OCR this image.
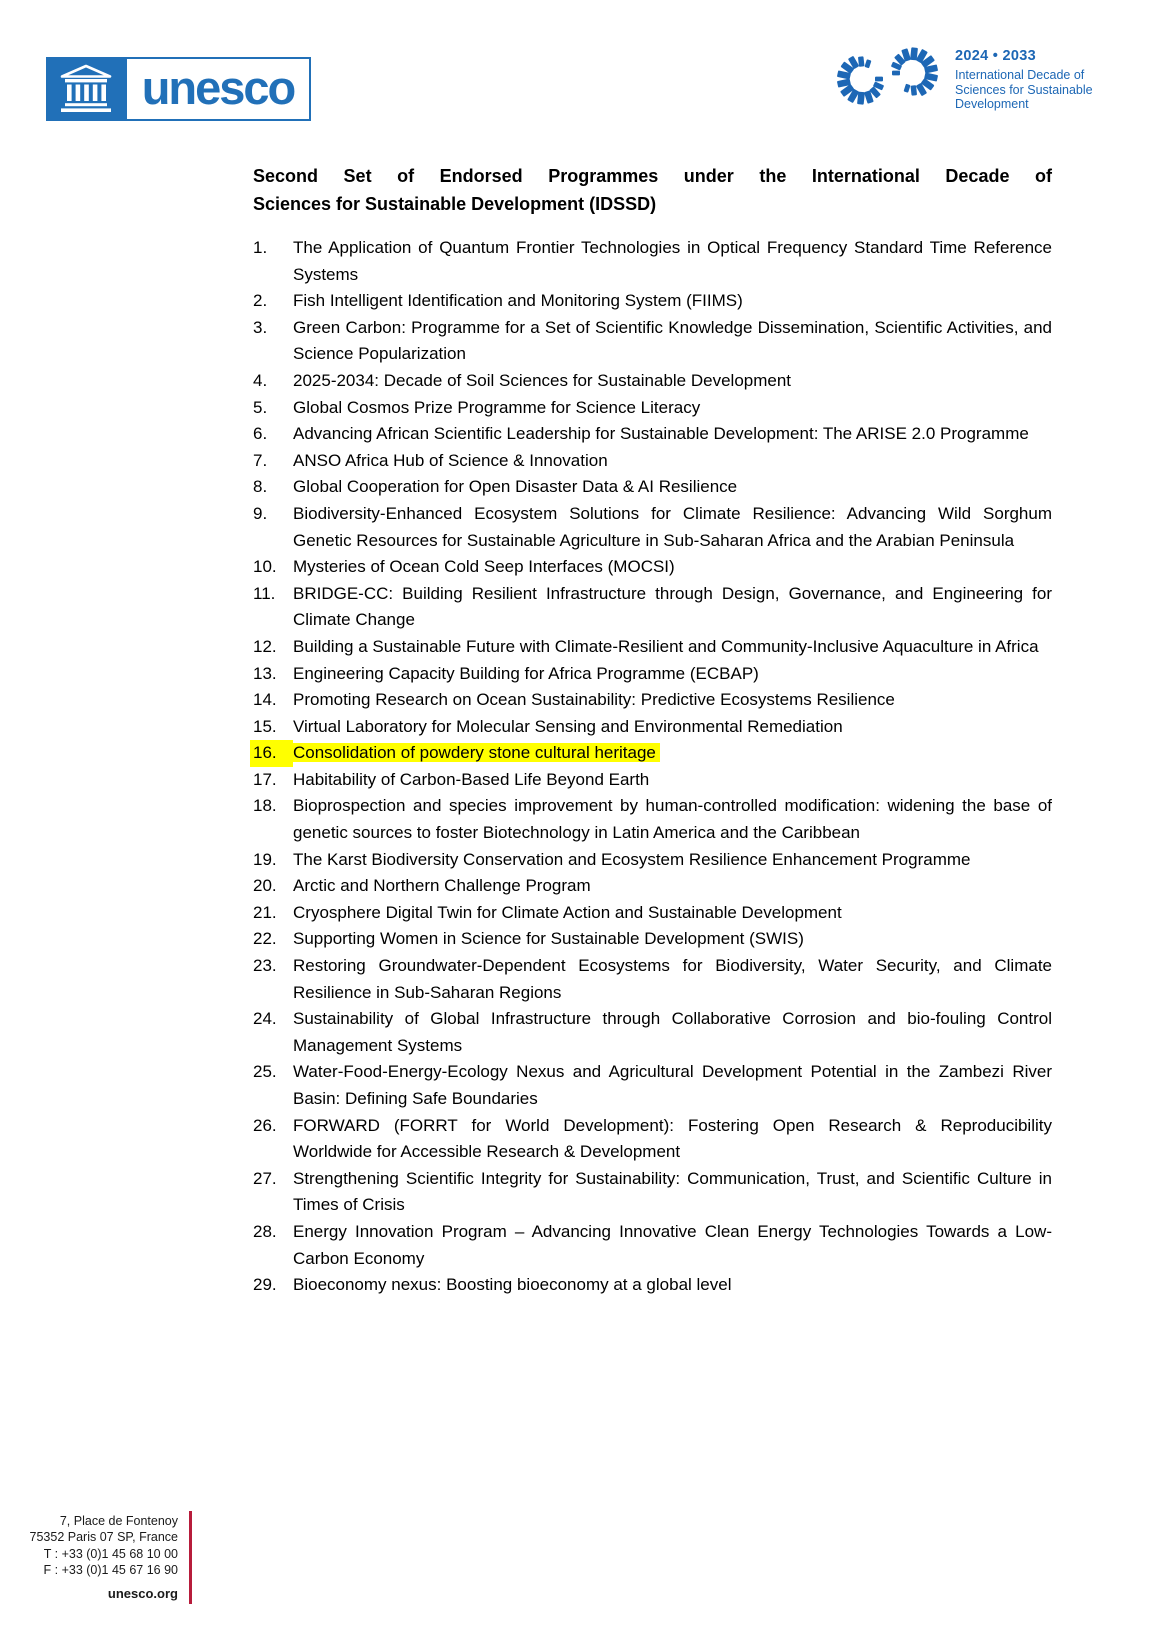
unesco
2024 • 2033
International Decade of
Sciences for Sustainable
Development
Second Set of Endorsed Programmes under the International Decade of
Sciences for Sustainable Development (IDSSD)
1.	The Application of Quantum Frontier Technologies in Optical Frequency Standard Time Reference Systems
2.	Fish Intelligent Identification and Monitoring System (FIIMS)
3.	Green Carbon: Programme for a Set of Scientific Knowledge Dissemination, Scientific Activities, and Science Popularization
4.	2025-2034: Decade of Soil Sciences for Sustainable Development
5.	Global Cosmos Prize Programme for Science Literacy
6.	Advancing African Scientific Leadership for Sustainable Development: The ARISE 2.0 Programme
7.	ANSO Africa Hub of Science & Innovation
8.	Global Cooperation for Open Disaster Data & AI Resilience
9.	Biodiversity-Enhanced Ecosystem Solutions for Climate Resilience: Advancing Wild Sorghum Genetic Resources for Sustainable Agriculture in Sub-Saharan Africa and the Arabian Peninsula
10. Mysteries of Ocean Cold Seep Interfaces (MOCSI)
11.	BRIDGE-CC: Building Resilient Infrastructure through Design, Governance, and Engineering for Climate Change
12. Building a Sustainable Future with Climate-Resilient and Community-Inclusive Aquaculture in Africa
13. Engineering Capacity Building for Africa Programme (ECBAP)
14. Promoting Research on Ocean Sustainability: Predictive Ecosystems Resilience
15. Virtual Laboratory for Molecular Sensing and Environmental Remediation
16. Consolidation of powdery stone cultural heritage
17. Habitability of Carbon-Based Life Beyond Earth
18. Bioprospection and species improvement by human-controlled modification: widening the base of genetic sources to foster Biotechnology in Latin America and the Caribbean
19. The Karst Biodiversity Conservation and Ecosystem Resilience Enhancement Programme
20. Arctic and Northern Challenge Program
21. Cryosphere Digital Twin for Climate Action and Sustainable Development
22. Supporting Women in Science for Sustainable Development (SWIS)
23. Restoring Groundwater-Dependent Ecosystems for Biodiversity, Water Security, and Climate Resilience in Sub-Saharan Regions
24. Sustainability of Global Infrastructure through Collaborative Corrosion and bio-fouling Control Management Systems
25. Water-Food-Energy-Ecology Nexus and Agricultural Development Potential in the Zambezi River Basin: Defining Safe Boundaries
26. FORWARD (FORRT for World Development): Fostering Open Research & Reproducibility Worldwide for Accessible Research & Development
27. Strengthening Scientific Integrity for Sustainability: Communication, Trust, and Scientific Culture in Times of Crisis
28. Energy Innovation Program – Advancing Innovative Clean Energy Technologies Towards a Low-Carbon Economy
29. Bioeconomy nexus: Boosting bioeconomy at a global level
7, Place de Fontenoy
75352 Paris 07 SP, France
T : +33 (0)1 45 68 10 00
F : +33 (0)1 45 67 16 90
unesco.org
